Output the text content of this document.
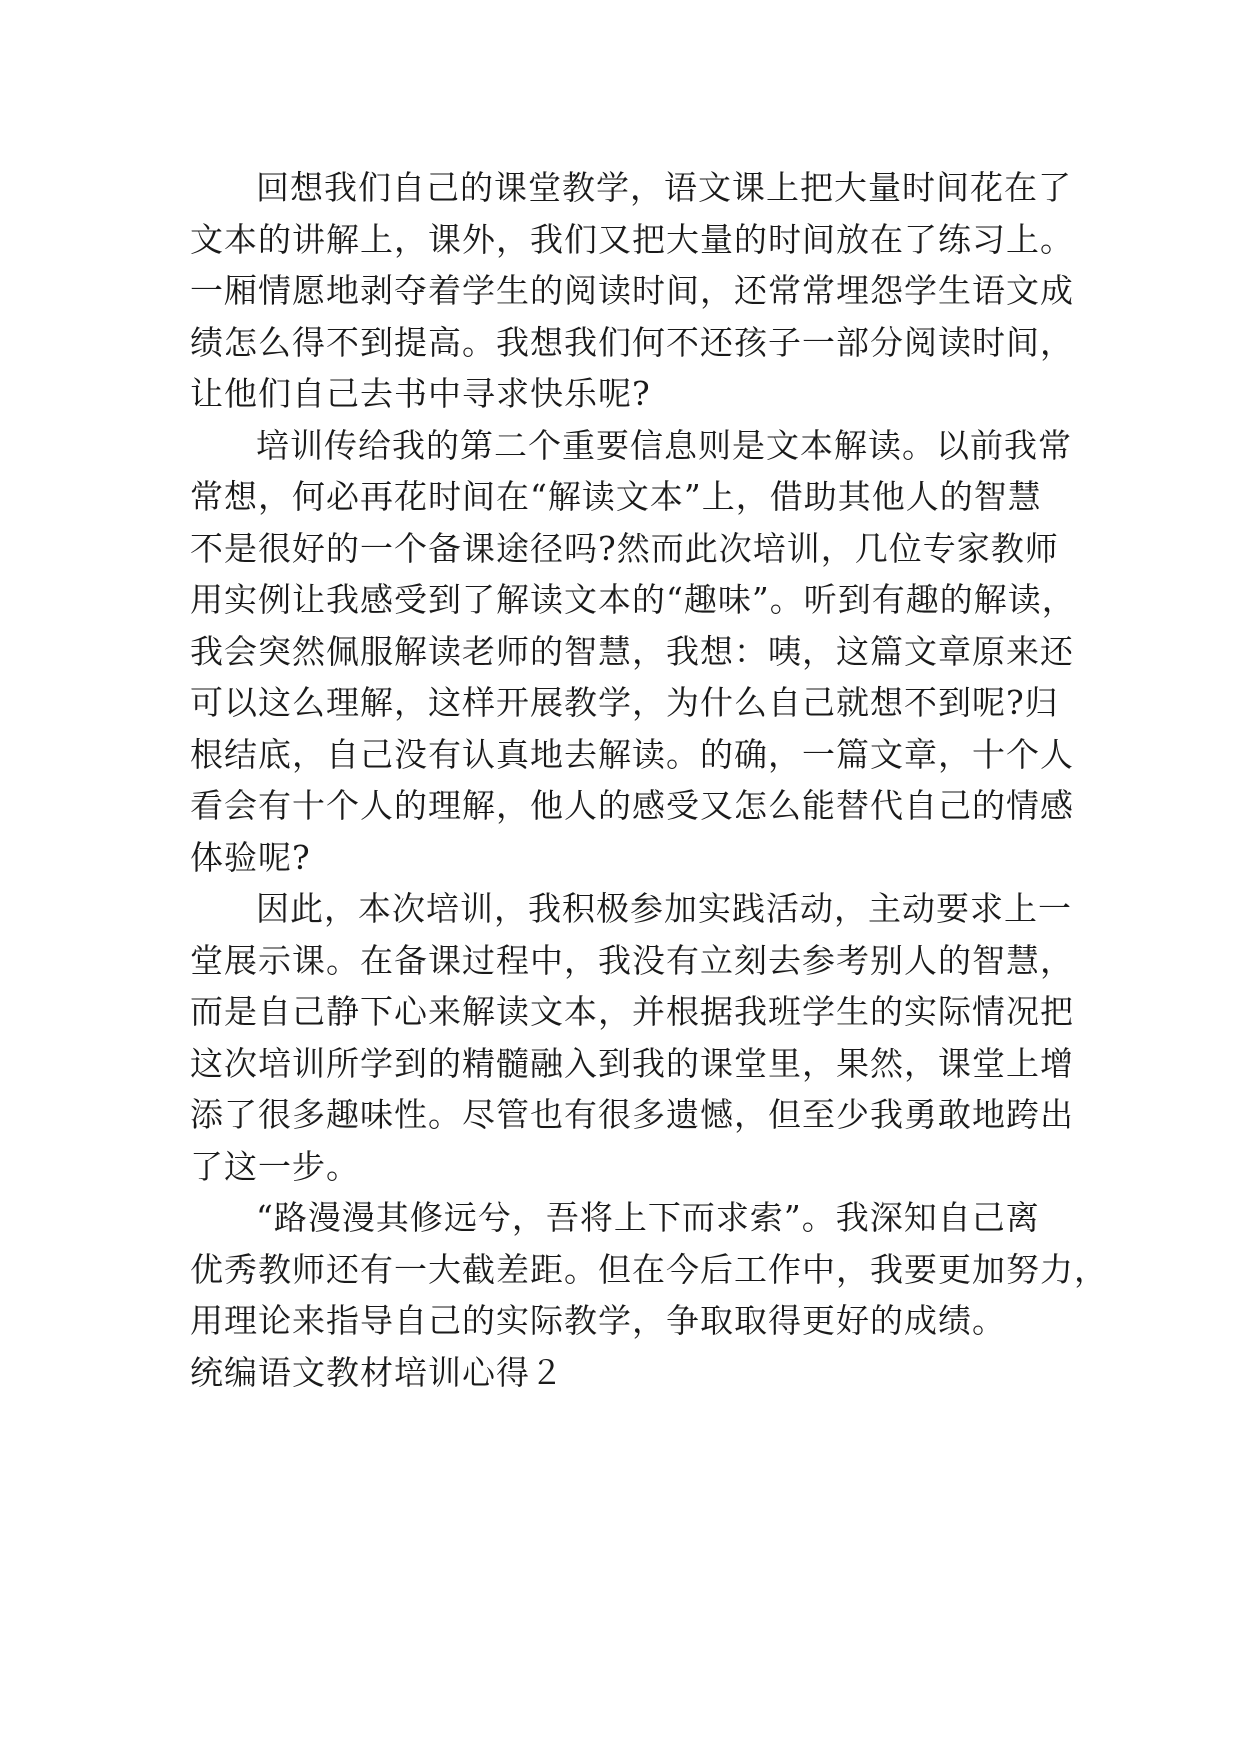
回想我们自己的课堂教学，语文课上把大量时间花在了
文本的讲解上，课外，我们又把大量的时间放在了练习上。
一厢情愿地剥夺着学生的阅读时间，还常常埋怨学生语文成
绩怎么得不到提高。我想我们何不还孩子一部分阅读时间，
让他们自己去书中寻求快乐呢?
培训传给我的第二个重要信息则是文本解读。以前我常
常想，何必再花时间在“解读文本”上，借助其他人的智慧
不是很好的一个备课途径吗?然而此次培训，几位专家教师
用实例让我感受到了解读文本的“趣味”。听到有趣的解读，
我会突然佩服解读老师的智慧，我想：咦，这篇文章原来还
可以这么理解，这样开展教学，为什么自己就想不到呢?归
根结底，自己没有认真地去解读。的确，一篇文章，十个人
看会有十个人的理解，他人的感受又怎么能替代自己的情感
体验呢?
因此，本次培训，我积极参加实践活动，主动要求上一
堂展示课。在备课过程中，我没有立刻去参考别人的智慧，
而是自己静下心来解读文本，并根据我班学生的实际情况把
这次培训所学到的精髓融入到我的课堂里，果然，课堂上增
添了很多趣味性。尽管也有很多遗憾，但至少我勇敢地跨出
了这一步。
“路漫漫其修远兮，吾将上下而求索”。我深知自己离
优秀教师还有一大截差距。但在今后工作中，我要更加努力，
用理论来指导自己的实际教学，争取取得更好的成绩。
统编语文教材培训心得２
